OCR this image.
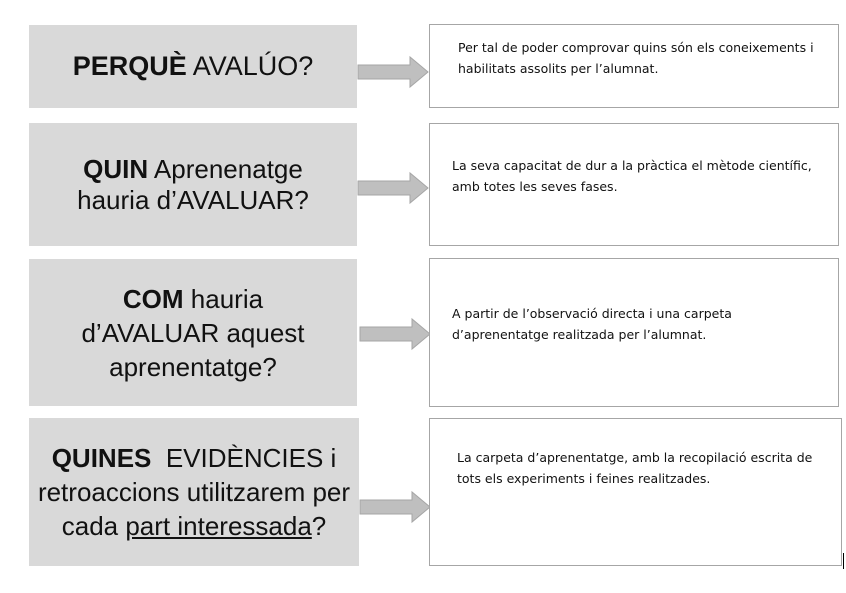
PERQUÈ AVALÚO?
Per tal de poder comprovar quins són els coneixements i habilitats assolits per l’alumnat.
QUIN Aprenenatge hauria d’AVALUAR?
La seva capacitat de dur a la pràctica el mètode científic, amb totes les seves fases.
COM hauria d’AVALUAR aquest aprenentatge?
A partir de l’observació directa i una carpeta d’aprenentatge realitzada per l’alumnat.
QUINES  EVIDÈNCIES i retroaccions utilitzarem per cada part interessada?
La carpeta d’aprenentatge, amb la recopilació escrita de tots els experiments i feines realitzades.
